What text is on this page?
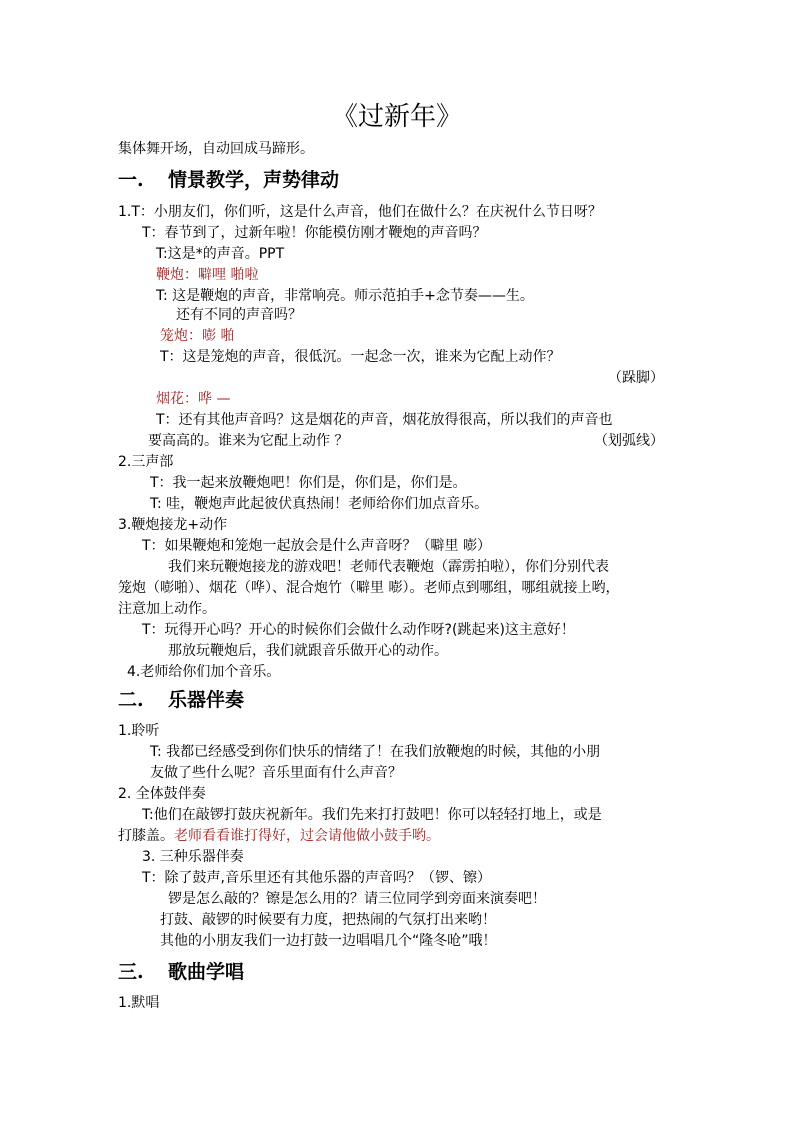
《过新年》
集体舞开场，自动回成马蹄形。
一. 情景教学，声势律动
1.T：小朋友们，你们听，这是什么声音，他们在做什么？在庆祝什么节日呀？
T：春节到了，过新年啦！你能模仿刚才鞭炮的声音吗？
T:这是*的声音。PPT
鞭炮：噼哩 啪啦
T: 这是鞭炮的声音，非常响亮。师示范拍手+念节奏——生。
还有不同的声音吗？
笼炮：嘭 啪
T：这是笼炮的声音，很低沉。一起念一次，谁来为它配上动作？
（跺脚）
烟花：哗 —
T：还有其他声音吗？这是烟花的声音，烟花放得很高，所以我们的声音也
要高高的。谁来为它配上动作 ？	（划弧线）
2.三声部
T：我一起来放鞭炮吧！你们是，你们是，你们是。
T: 哇，鞭炮声此起彼伏真热闹！老师给你们加点音乐。
3.鞭炮接龙+动作
T：如果鞭炮和笼炮一起放会是什么声音呀？（噼里 嘭）
我们来玩鞭炮接龙的游戏吧！老师代表鞭炮（霹雳拍啦），你们分别代表
笼炮（嘭啪）、烟花（哗）、混合炮竹（噼里 嘭）。老师点到哪组，哪组就接上哟，
注意加上动作。
T：玩得开心吗？开心的时候你们会做什么动作呀?(跳起来)这主意好！
那放玩鞭炮后，我们就跟音乐做开心的动作。
4.老师给你们加个音乐。
二. 乐器伴奏
1.聆听
T: 我都已经感受到你们快乐的情绪了！在我们放鞭炮的时候，其他的小朋
友做了些什么呢？音乐里面有什么声音？
2. 全体鼓伴奏
T:他们在敲锣打鼓庆祝新年。我们先来打打鼓吧！你可以轻轻打地上，或是
打膝盖。老师看看谁打得好，过会请他做小鼓手哟。
3. 三种乐器伴奏
T：除了鼓声,音乐里还有其他乐器的声音吗？（锣、镲）
锣是怎么敲的？镲是怎么用的？请三位同学到旁面来演奏吧！
打鼓、敲锣的时候要有力度，把热闹的气氛打出来哟！
其他的小朋友我们一边打鼓一边唱唱几个“隆冬呛”哦！
三. 歌曲学唱
1.默唱
